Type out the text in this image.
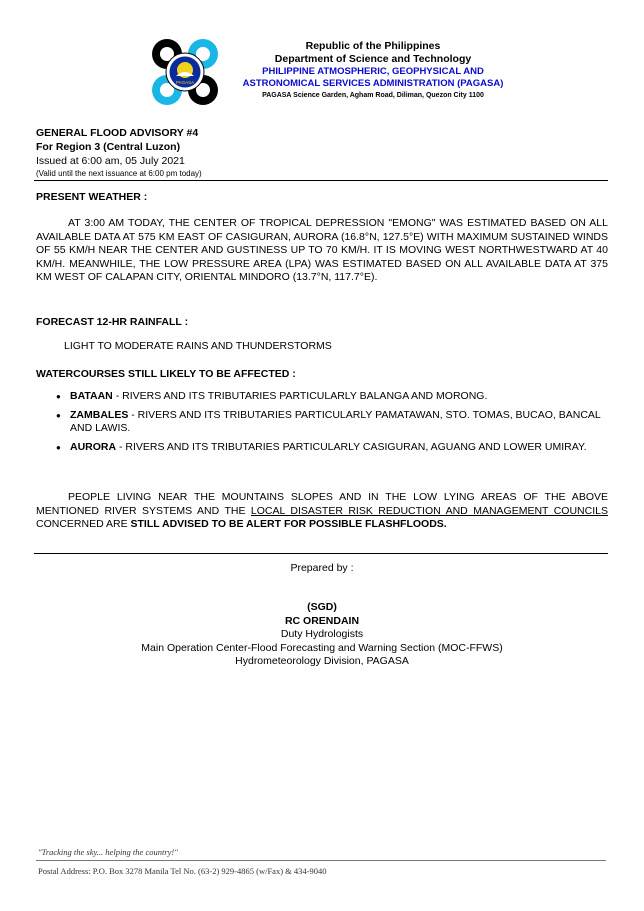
PAGASA
Republic of the Philippines
Department of Science and Technology
PHILIPPINE ATMOSPHERIC, GEOPHYSICAL AND
ASTRONOMICAL SERVICES ADMINISTRATION (PAGASA)
PAGASA Science Garden, Agham Road, Diliman, Quezon City 1100
GENERAL FLOOD ADVISORY #4
For Region 3 (Central Luzon)
Issued at 6:00 am, 05 July 2021
(Valid until the next issuance at 6:00 pm today)
PRESENT WEATHER :
AT 3:00 AM TODAY, THE CENTER OF TROPICAL DEPRESSION "EMONG" WAS ESTIMATED BASED ON ALL AVAILABLE DATA AT 575 KM EAST OF CASIGURAN, AURORA (16.8°N, 127.5°E) WITH MAXIMUM SUSTAINED WINDS OF 55 KM/H NEAR THE CENTER AND GUSTINESS UP TO 70 KM/H. IT IS MOVING WEST NORTHWESTWARD AT 40 KM/H. MEANWHILE, THE LOW PRESSURE AREA (LPA) WAS ESTIMATED BASED ON ALL AVAILABLE DATA AT 375 KM WEST OF CALAPAN CITY, ORIENTAL MINDORO (13.7°N, 117.7°E).
FORECAST 12-HR RAINFALL :
LIGHT TO MODERATE RAINS AND THUNDERSTORMS
WATERCOURSES STILL LIKELY TO BE AFFECTED :
● BATAAN - RIVERS AND ITS TRIBUTARIES PARTICULARLY BALANGA AND MORONG.
● ZAMBALES - RIVERS AND ITS TRIBUTARIES PARTICULARLY PAMATAWAN, STO. TOMAS, BUCAO, BANCAL AND LAWIS.
● AURORA - RIVERS AND ITS TRIBUTARIES PARTICULARLY CASIGURAN, AGUANG AND LOWER UMIRAY.
PEOPLE LIVING NEAR THE MOUNTAINS SLOPES AND IN THE LOW LYING AREAS OF THE ABOVE MENTIONED RIVER SYSTEMS AND THE LOCAL DISASTER RISK REDUCTION AND MANAGEMENT COUNCILS CONCERNED ARE STILL ADVISED TO BE ALERT FOR POSSIBLE FLASHFLOODS.
Prepared by :
(SGD)
RC ORENDAIN
Duty Hydrologists
Main Operation Center-Flood Forecasting and Warning Section (MOC-FFWS)
Hydrometeorology Division, PAGASA
"Tracking the sky... helping the country!"
Postal Address: P.O. Box 3278 Manila Tel No. (63-2) 929-4865 (w/Fax) & 434-9040
